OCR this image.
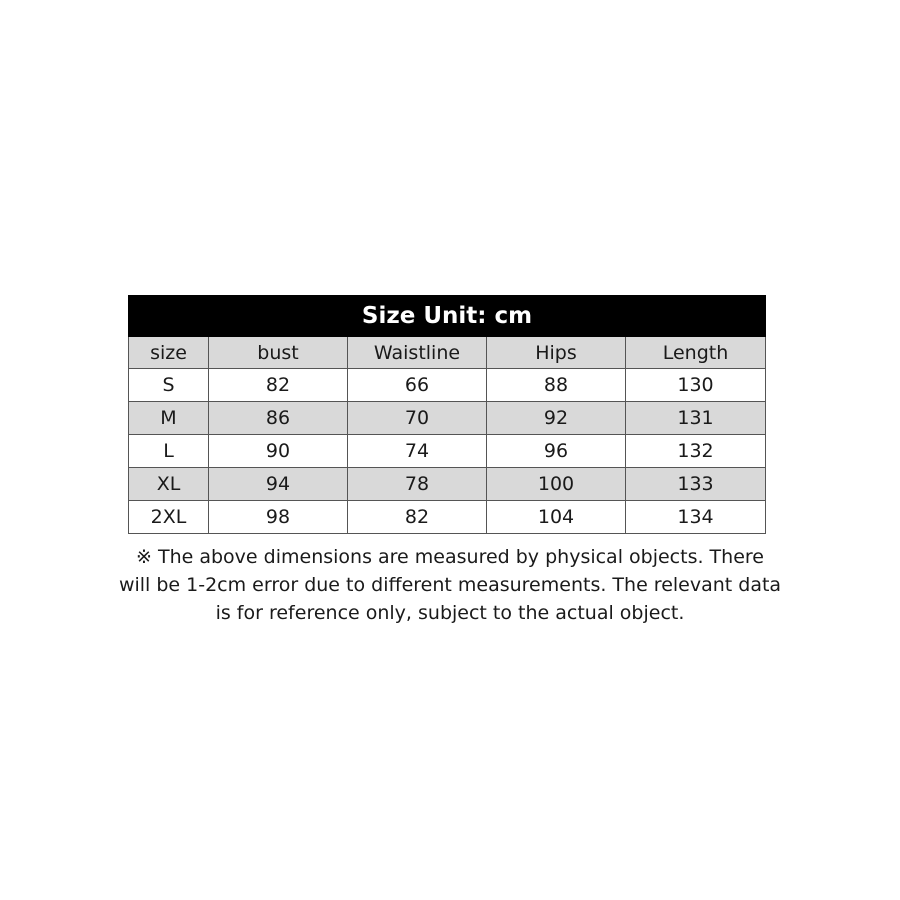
Size Unit: cm				
size	bust	Waistline	Hips	Length
S	82	66	88	130
M	86	70	92	131
L	90	74	96	132
XL	94	78	100	133
2XL	98	82	104	134
※ The above dimensions are measured by physical objects. There will be 1-2cm error due to different measurements. The relevant data is for reference only, subject to the actual object.
